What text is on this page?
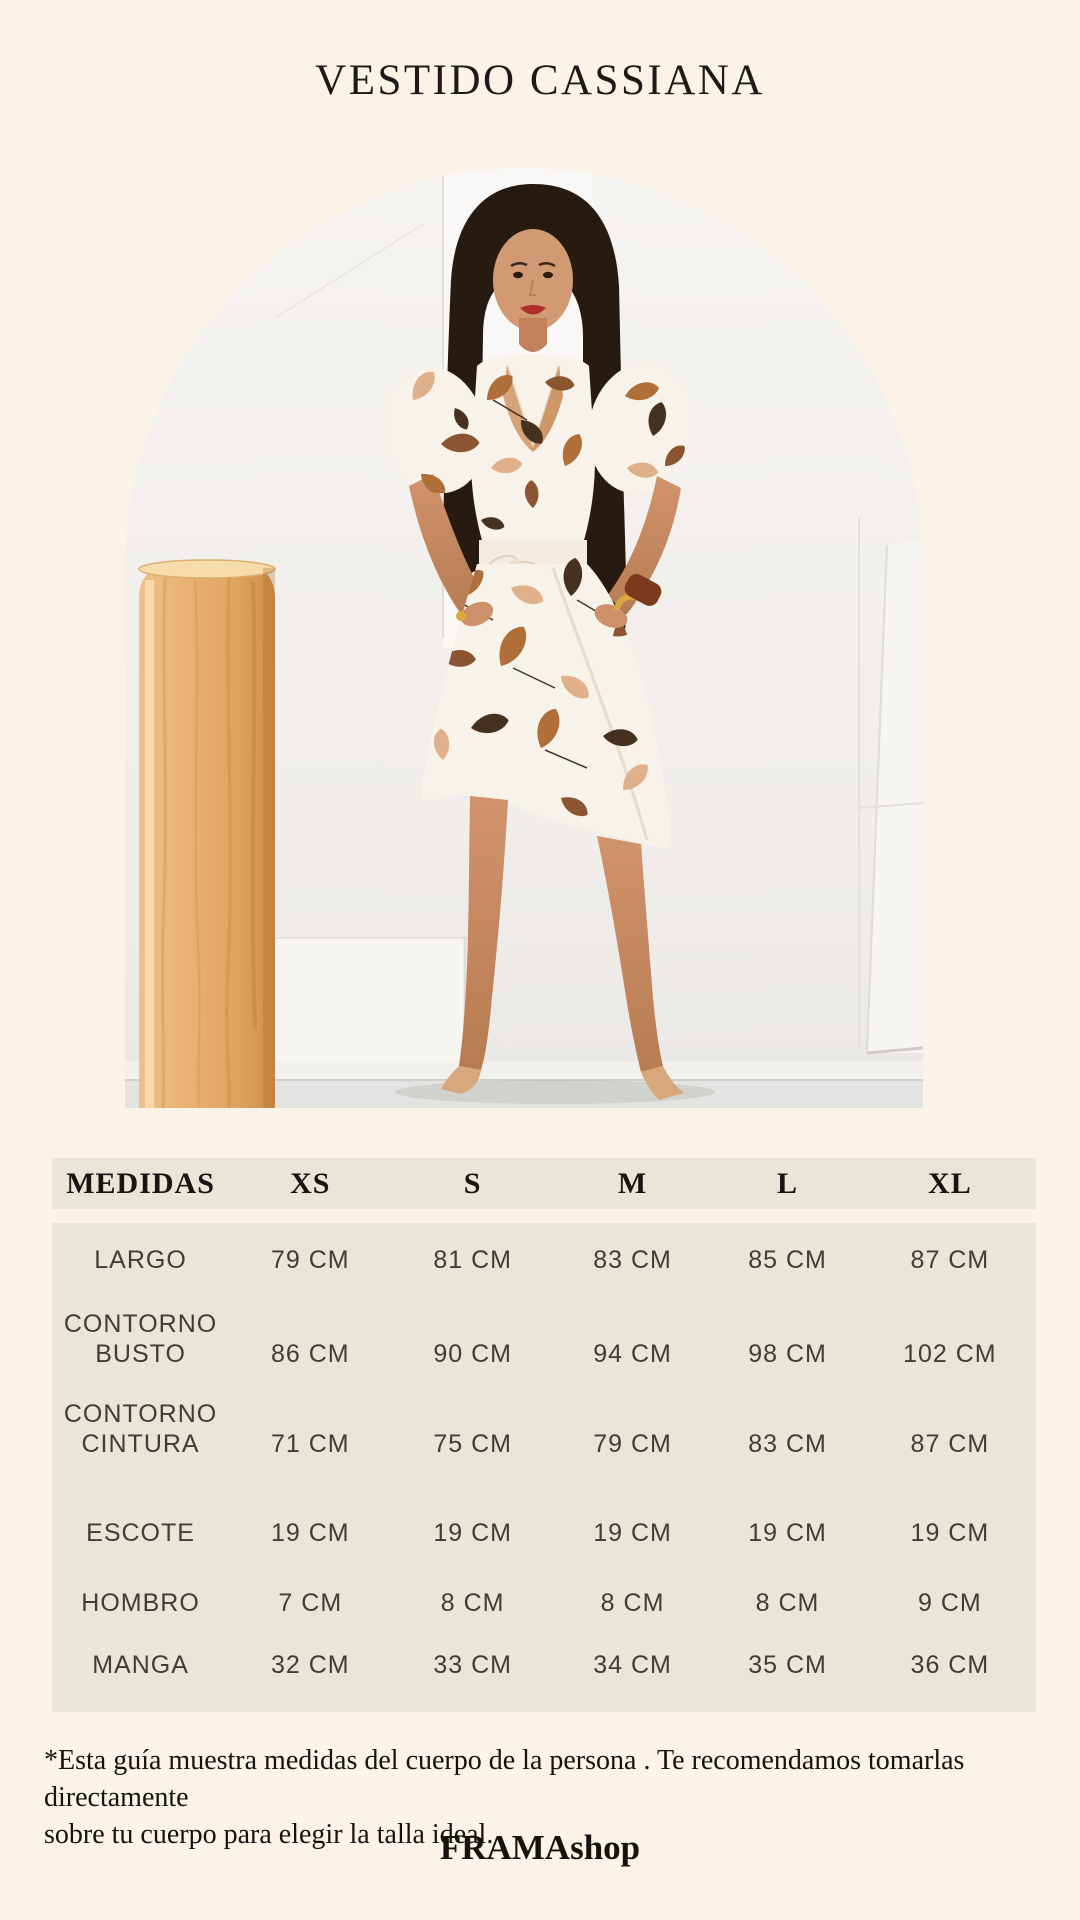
VESTIDO CASSIANA
MEDIDAS	XS	S	M	L	XL
LARGO	79 CM	81 CM	83 CM	85 CM	87 CM
CONTORNO
BUSTO	86 CM	90 CM	94 CM	98 CM	102 CM
CONTORNO
CINTURA	71 CM	75 CM	79 CM	83 CM	87 CM
ESCOTE	19 CM	19 CM	19 CM	19 CM	19 CM
HOMBRO	7 CM	8 CM	8 CM	8 CM	9 CM
MANGA	32 CM	33 CM	34 CM	35 CM	36 CM

*Esta guía muestra medidas del cuerpo de la persona . Te recomendamos tomarlas directamente
sobre tu cuerpo para elegir la talla ideal.

FRAMAshop
